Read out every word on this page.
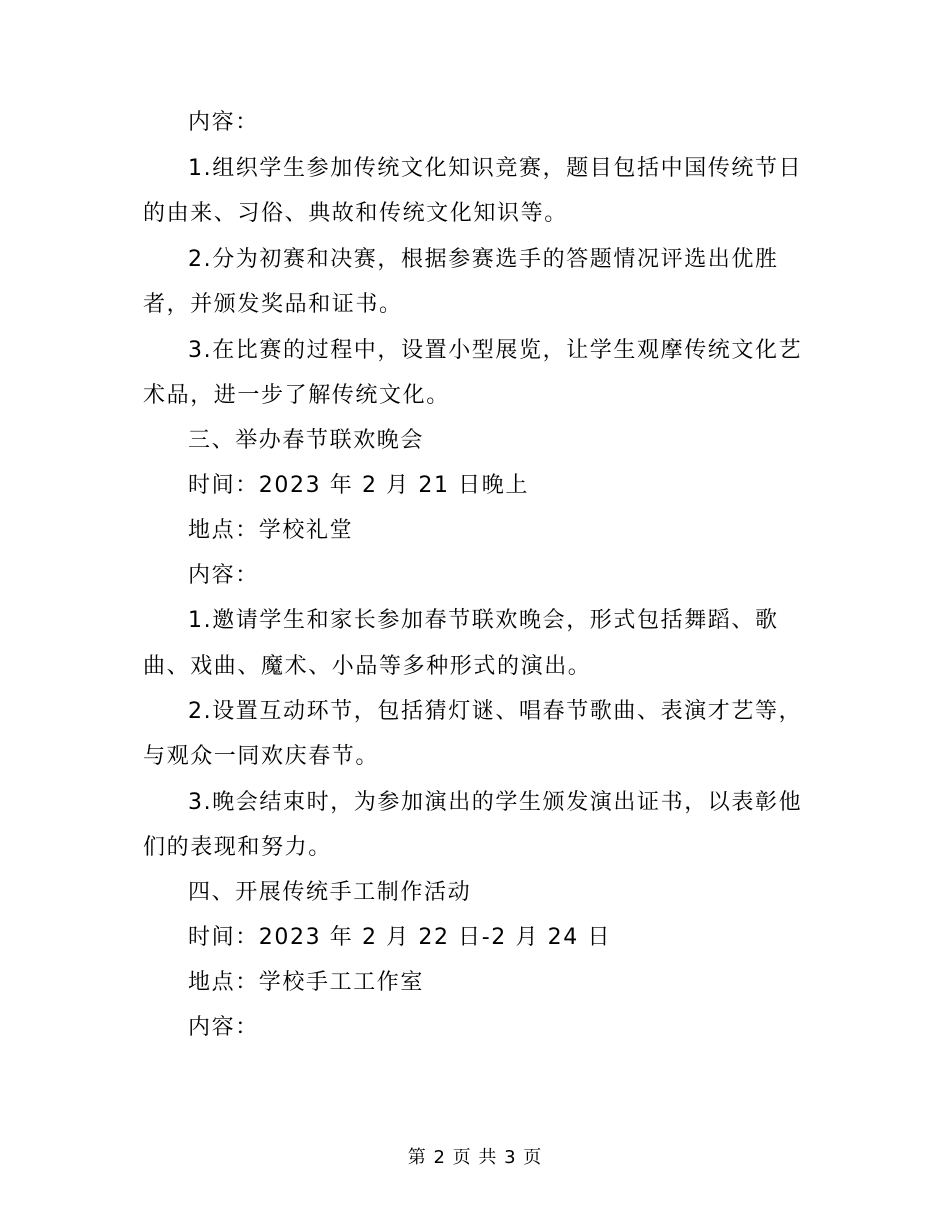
内容：
1.组织学生参加传统文化知识竞赛，题目包括中国传统节日
的由来、习俗、典故和传统文化知识等。
2.分为初赛和决赛，根据参赛选手的答题情况评选出优胜
者，并颁发奖品和证书。
3.在比赛的过程中，设置小型展览，让学生观摩传统文化艺
术品，进一步了解传统文化。
三、举办春节联欢晚会
时间：2023 年 2 月 21 日晚上
地点：学校礼堂
内容：
1.邀请学生和家长参加春节联欢晚会，形式包括舞蹈、歌
曲、戏曲、魔术、小品等多种形式的演出。
2.设置互动环节，包括猜灯谜、唱春节歌曲、表演才艺等，
与观众一同欢庆春节。
3.晚会结束时，为参加演出的学生颁发演出证书，以表彰他
们的表现和努力。
四、开展传统手工制作活动
时间：2023 年 2 月 22 日-2 月 24 日
地点：学校手工工作室
内容：
第 2 页 共 3 页
